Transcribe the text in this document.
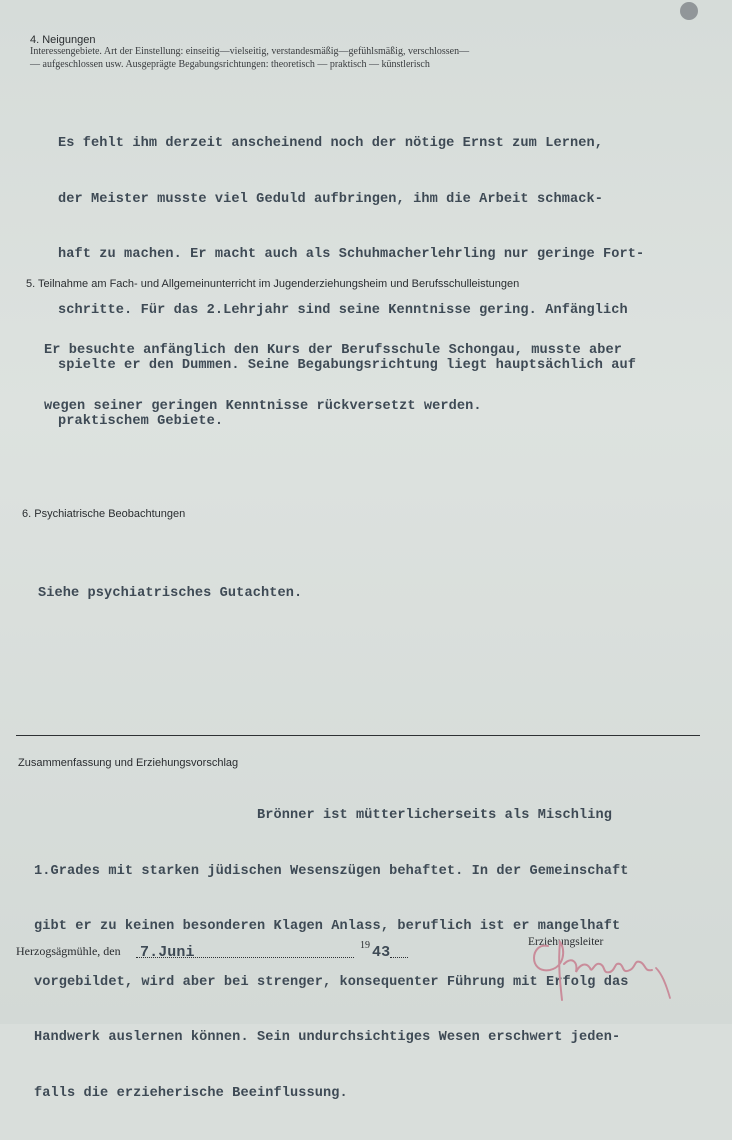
4. Neigungen
Interessengebiete. Art der Einstellung: einseitig—vielseitig, verstandesmäßig—gefühlsmäßig, verschlossen—
— aufgeschlossen usw. Ausgeprägte Begabungsrichtungen: theoretisch — praktisch — künstlerisch

Es fehlt ihm derzeit anscheinend noch der nötige Ernst zum Lernen,

der Meister musste viel Geduld aufbringen, ihm die Arbeit schmack-

haft zu machen. Er macht auch als Schuhmacherlehrling nur geringe Fort-

schritte. Für das 2.Lehrjahr sind seine Kenntnisse gering. Anfänglich

spielte er den Dummen. Seine Begabungsrichtung liegt hauptsächlich auf

praktischem Gebiete.

5. Teilnahme am Fach- und Allgemeinunterricht im Jugenderziehungsheim und Berufsschulleistungen

Er besuchte anfänglich den Kurs der Berufsschule Schongau, musste aber

wegen seiner geringen Kenntnisse rückversetzt werden.

6. Psychiatrische Beobachtungen

Siehe psychiatrisches Gutachten.

Zusammenfassung und Erziehungsvorschlag

Brönner ist mütterlicherseits als Mischling

1.Grades mit starken jüdischen Wesenszügen behaftet. In der Gemeinschaft

gibt er zu keinen besonderen Klagen Anlass, beruflich ist er mangelhaft

vorgebildet, wird aber bei strenger, konsequenter Führung mit Erfolg das

Handwerk auslernen können. Sein undurchsichtiges Wesen erschwert jeden-

falls die erzieherische Beeinflussung.

Herzogsägmühle, den 7.Juni	19 43
Erziehungsleiter
